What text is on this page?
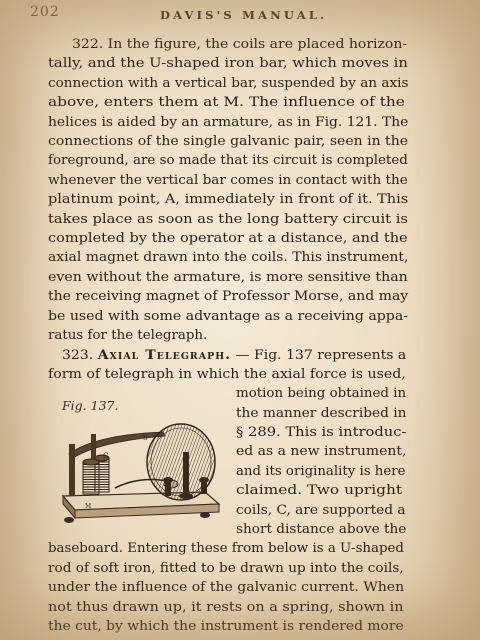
202	DAVIS'S MANUAL.
322. In the figure, the coils are placed horizon-
tally, and the U-shaped iron bar, which moves in
connection with a vertical bar, suspended by an axis
above, enters them at M. The influence of the
helices is aided by an armature, as in Fig. 121. The
connections of the single galvanic pair, seen in the
foreground, are so made that its circuit is completed
whenever the vertical bar comes in contact with the
platinum point, A, immediately in front of it. This
takes place as soon as the long battery circuit is
completed by the operator at a distance, and the
axial magnet drawn into the coils. This instrument,
even without the armature, is more sensitive than
the receiving magnet of Professor Morse, and may
be used with some advantage as a receiving appa-
ratus for the telegraph.
323. Axial Telegraph. — Fig. 137 represents a
form of telegraph in which the axial force is used,
motion being obtained in
the manner described in
§ 289. This is introduc-
ed as a new instrument,
and its originality is here
claimed. Two upright
coils, C, are supported a
short distance above the
baseboard. Entering these from below is a U-shaped
rod of soft iron, fitted to be drawn up into the coils,
under the influence of the galvanic current. When
not thus drawn up, it rests on a spring, shown in
the cut, by which the instrument is rendered more
Fig. 137.
S
C
M
